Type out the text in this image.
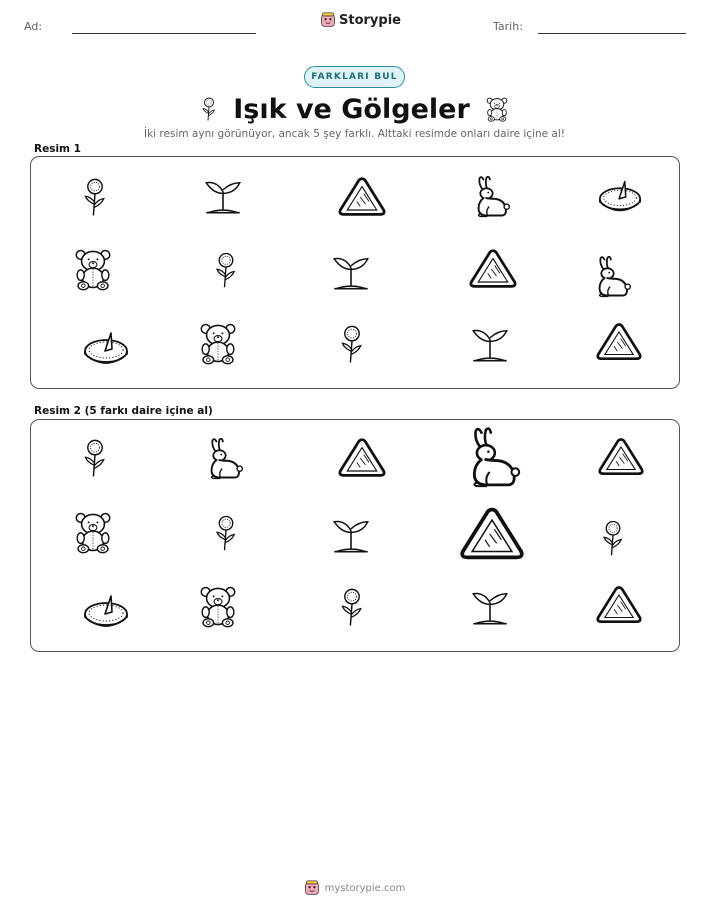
Ad:	Storypie	Tarih:
FARKLARI BUL
Işık ve Gölgeler
İki resim aynı görünüyor, ancak 5 şey farklı. Alttaki resimde onları daire içine al!
Resim 1
Resim 2 (5 farkı daire içine al)
mystorypie.com
